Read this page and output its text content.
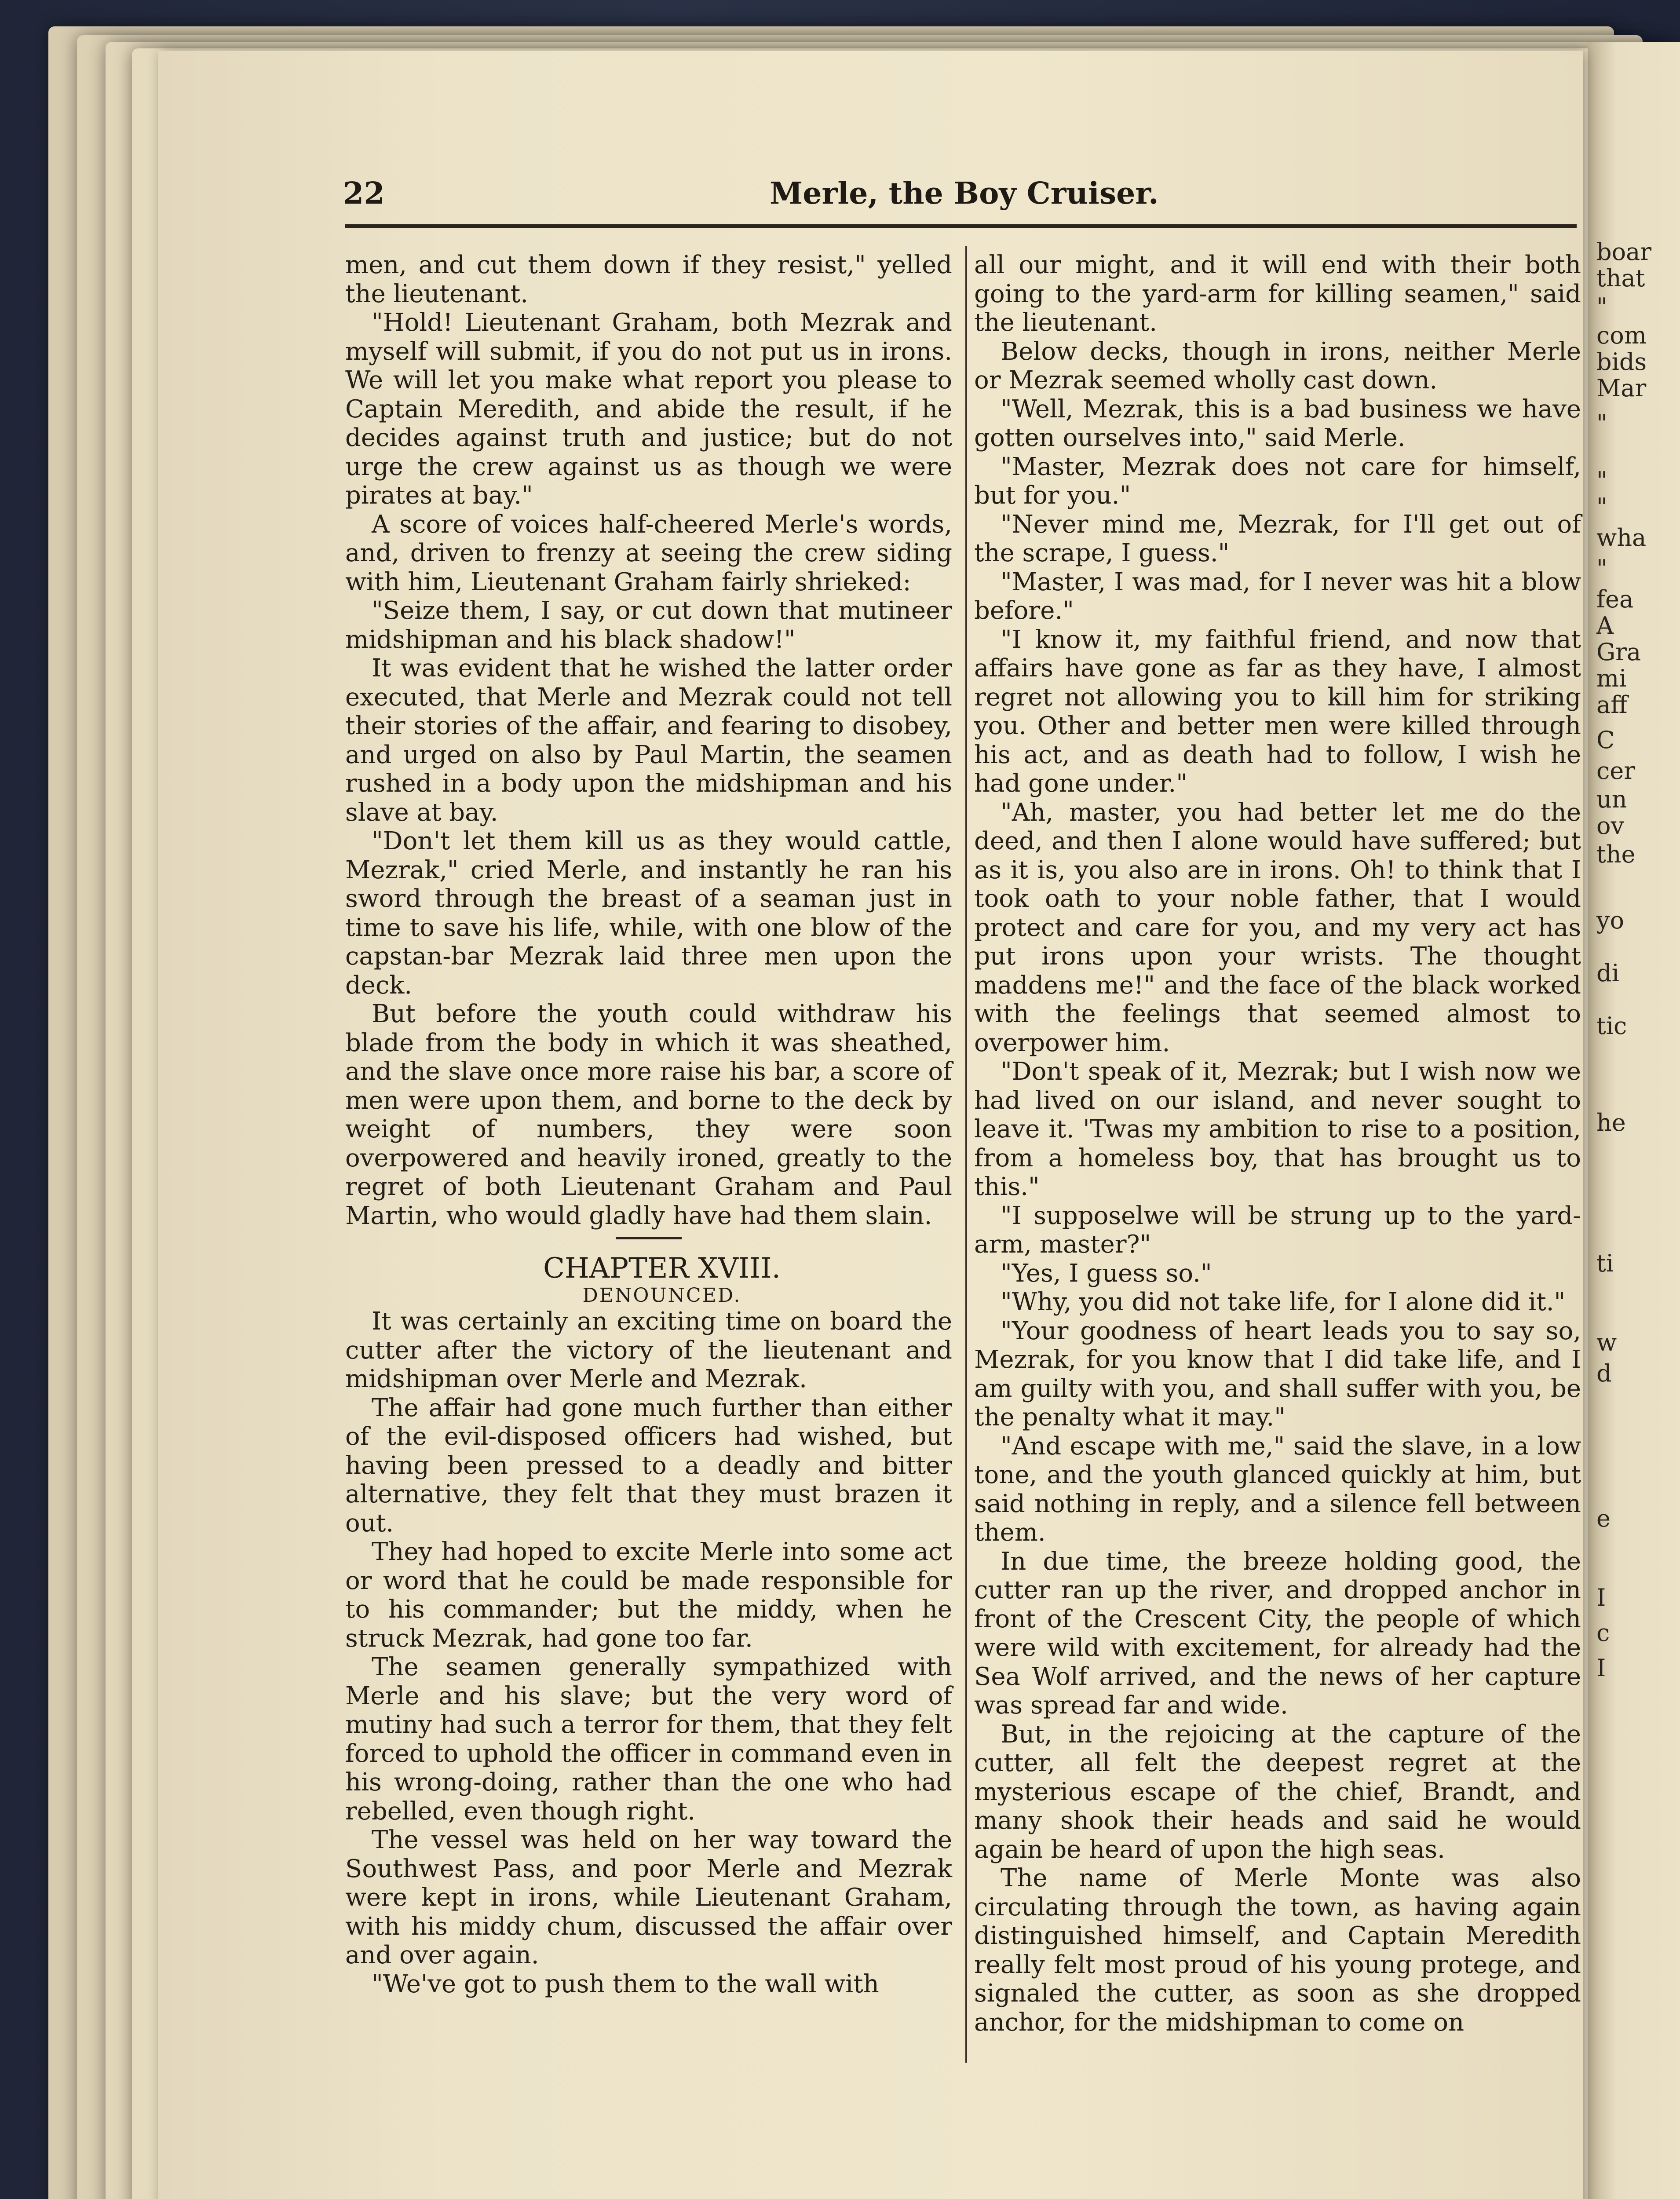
boar
that
"
com
bids
Mar
"
"
"
wha
"
fea
A
Gra
mi
aff
C
cer
un
ov
the
yo
di
tic
he
ti
w
d
e
I
c
I
22	Merle, the Boy Cruiser.

men, and cut them down if they resist," yelled the lieutenant.

"Hold! Lieutenant Graham, both Mezrak and myself will submit, if you do not put us in irons. We will let you make what report you please to Captain Meredith, and abide the result, if he decides against truth and justice; but do not urge the crew against us as though we were pirates at bay."

A score of voices half-cheered Merle's words, and, driven to frenzy at seeing the crew siding with him, Lieutenant Graham fairly shrieked:

"Seize them, I say, or cut down that mutineer midshipman and his black shadow!"

It was evident that he wished the latter order executed, that Merle and Mezrak could not tell their stories of the affair, and fearing to disobey, and urged on also by Paul Martin, the seamen rushed in a body upon the midshipman and his slave at bay.

"Don't let them kill us as they would cattle, Mezrak," cried Merle, and instantly he ran his sword through the breast of a seaman just in time to save his life, while, with one blow of the capstan-bar Mezrak laid three men upon the deck.

But before the youth could withdraw his blade from the body in which it was sheathed, and the slave once more raise his bar, a score of men were upon them, and borne to the deck by weight of numbers, they were soon overpowered and heavily ironed, greatly to the regret of both Lieutenant Graham and Paul Martin, who would gladly have had them slain.

CHAPTER XVIII.

DENOUNCED.

It was certainly an exciting time on board the cutter after the victory of the lieutenant and midshipman over Merle and Mezrak.

The affair had gone much further than either of the evil-disposed officers had wished, but having been pressed to a deadly and bitter alternative, they felt that they must brazen it out.

They had hoped to excite Merle into some act or word that he could be made responsible for to his commander; but the middy, when he struck Mezrak, had gone too far.

The seamen generally sympathized with Merle and his slave; but the very word of mutiny had such a terror for them, that they felt forced to uphold the officer in command even in his wrong-doing, rather than the one who had rebelled, even though right.

The vessel was held on her way toward the Southwest Pass, and poor Merle and Mezrak were kept in irons, while Lieutenant Graham, with his middy chum, discussed the affair over and over again.

"We've got to push them to the wall with

all our might, and it will end with their both going to the yard-arm for killing seamen," said the lieutenant.

Below decks, though in irons, neither Merle or Mezrak seemed wholly cast down.

"Well, Mezrak, this is a bad business we have gotten ourselves into," said Merle.

"Master, Mezrak does not care for himself, but for you."

"Never mind me, Mezrak, for I'll get out of the scrape, I guess."

"Master, I was mad, for I never was hit a blow before."

"I know it, my faithful friend, and now that affairs have gone as far as they have, I almost regret not allowing you to kill him for striking you. Other and better men were killed through his act, and as death had to follow, I wish he had gone under."

"Ah, master, you had better let me do the deed, and then I alone would have suffered; but as it is, you also are in irons. Oh! to think that I took oath to your noble father, that I would protect and care for you, and my very act has put irons upon your wrists. The thought maddens me!" and the face of the black worked with the feelings that seemed almost to overpower him.

"Don't speak of it, Mezrak; but I wish now we had lived on our island, and never sought to leave it. 'Twas my ambition to rise to a position, from a homeless boy, that has brought us to this."

"I supposelwe will be strung up to the yard-arm, master?"

"Yes, I guess so."

"Why, you did not take life, for I alone did it."

"Your goodness of heart leads you to say so, Mezrak, for you know that I did take life, and I am guilty with you, and shall suffer with you, be the penalty what it may."

"And escape with me," said the slave, in a low tone, and the youth glanced quickly at him, but said nothing in reply, and a silence fell between them.

In due time, the breeze holding good, the cutter ran up the river, and dropped anchor in front of the Crescent City, the people of which were wild with excitement, for already had the Sea Wolf arrived, and the news of her capture was spread far and wide.

But, in the rejoicing at the capture of the cutter, all felt the deepest regret at the mysterious escape of the chief, Brandt, and many shook their heads and said he would again be heard of upon the high seas.

The name of Merle Monte was also circulating through the town, as having again distinguished himself, and Captain Meredith really felt most proud of his young protege, and signaled the cutter, as soon as she dropped anchor, for the midshipman to come on
